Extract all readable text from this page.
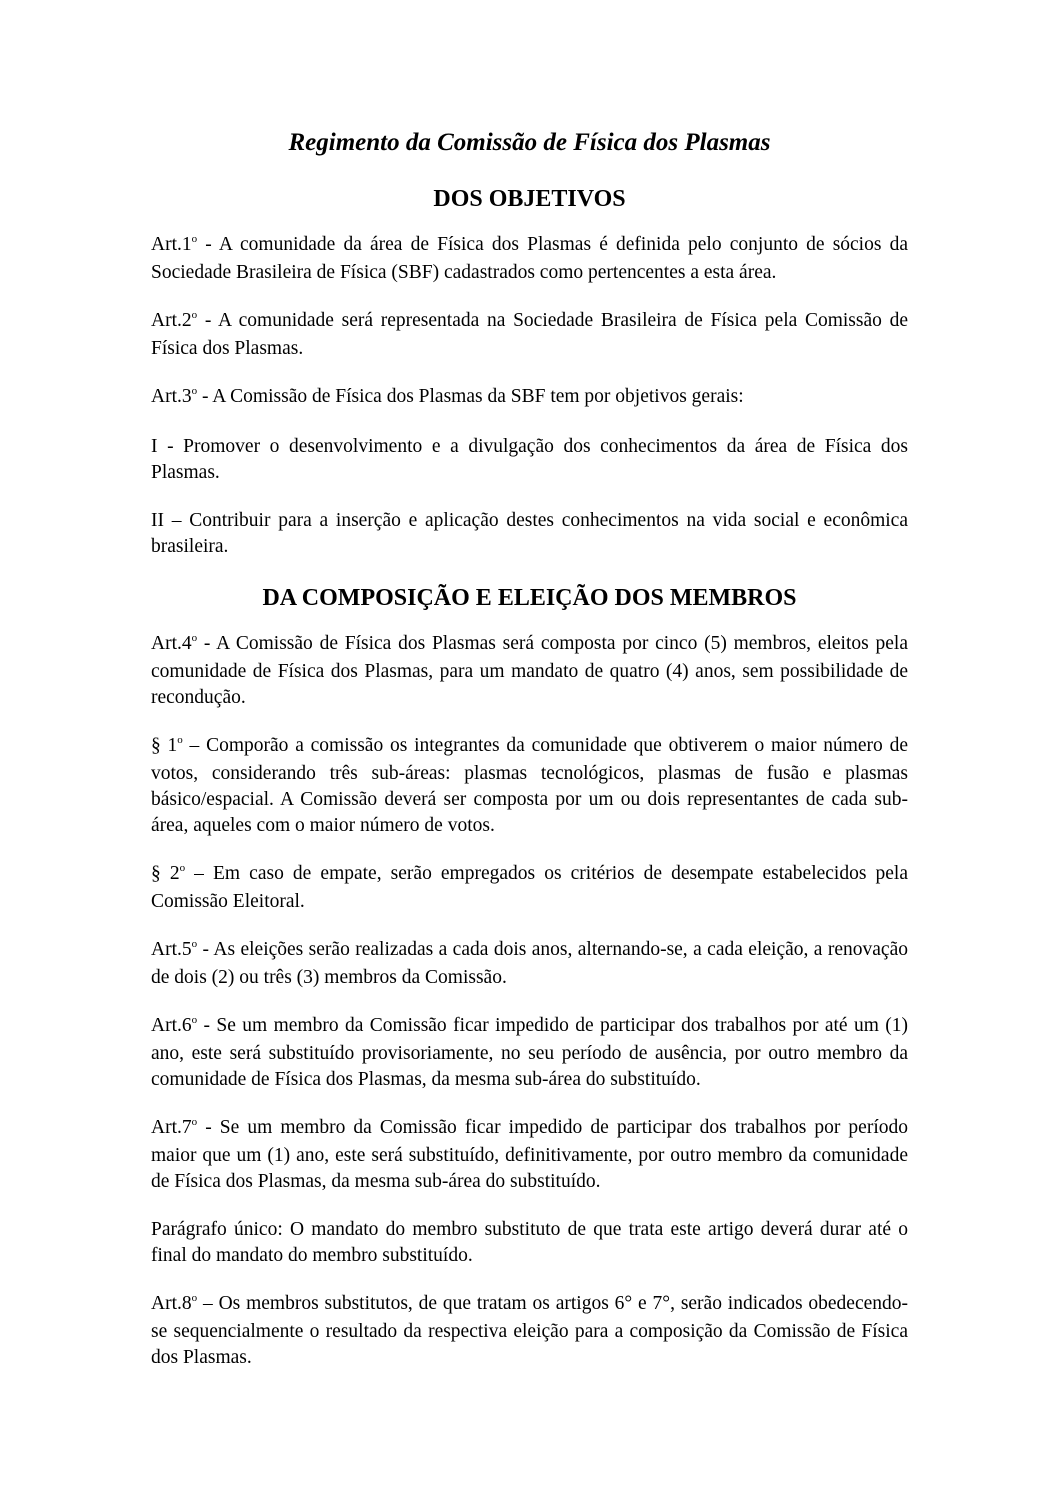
Regimento da Comissão de Física dos Plasmas
DOS OBJETIVOS

Art.1$^o$ - A comunidade da área de Física dos Plasmas é definida pelo conjunto de sócios da Sociedade Brasileira de Física (SBF) cadastrados como pertencentes a esta área.

Art.2$^o$ - A comunidade será representada na Sociedade Brasileira de Física pela Comissão de Física dos Plasmas.

Art.3$^o$ - A Comissão de Física dos Plasmas da SBF tem por objetivos gerais:

I - Promover o desenvolvimento e a divulgação dos conhecimentos da área de Física dos Plasmas.

II – Contribuir para a inserção e aplicação destes conhecimentos na vida social e econômica brasileira.

DA COMPOSIÇÃO E ELEIÇÃO DOS MEMBROS

Art.4$^o$ - A Comissão de Física dos Plasmas será composta por cinco (5) membros, eleitos pela comunidade de Física dos Plasmas, para um mandato de quatro (4) anos, sem possibilidade de recondução.

§ 1$^o$ – Comporão a comissão os integrantes da comunidade que obtiverem o maior número de votos, considerando três sub-áreas: plasmas tecnológicos, plasmas de fusão e plasmas básico/espacial. A Comissão deverá ser composta por um ou dois representantes de cada sub-área, aqueles com o maior número de votos.

§ 2$^o$ – Em caso de empate, serão empregados os critérios de desempate estabelecidos pela Comissão Eleitoral.

Art.5$^o$ - As eleições serão realizadas a cada dois anos, alternando-se, a cada eleição, a renovação de dois (2) ou três (3) membros da Comissão.

Art.6$^o$ - Se um membro da Comissão ficar impedido de participar dos trabalhos por até um (1) ano, este será substituído provisoriamente, no seu período de ausência, por outro membro da comunidade de Física dos Plasmas, da mesma sub-área do substituído.

Art.7$^o$ - Se um membro da Comissão ficar impedido de participar dos trabalhos por período maior que um (1) ano, este será substituído, definitivamente, por outro membro da comunidade de Física dos Plasmas, da mesma sub-área do substituído.

Parágrafo único: O mandato do membro substituto de que trata este artigo deverá durar até o final do mandato do membro substituído.

Art.8$^o$ – Os membros substitutos, de que tratam os artigos 6° e 7°, serão indicados obedecendo-se sequencialmente o resultado da respectiva eleição para a composição da Comissão de Física dos Plasmas.
